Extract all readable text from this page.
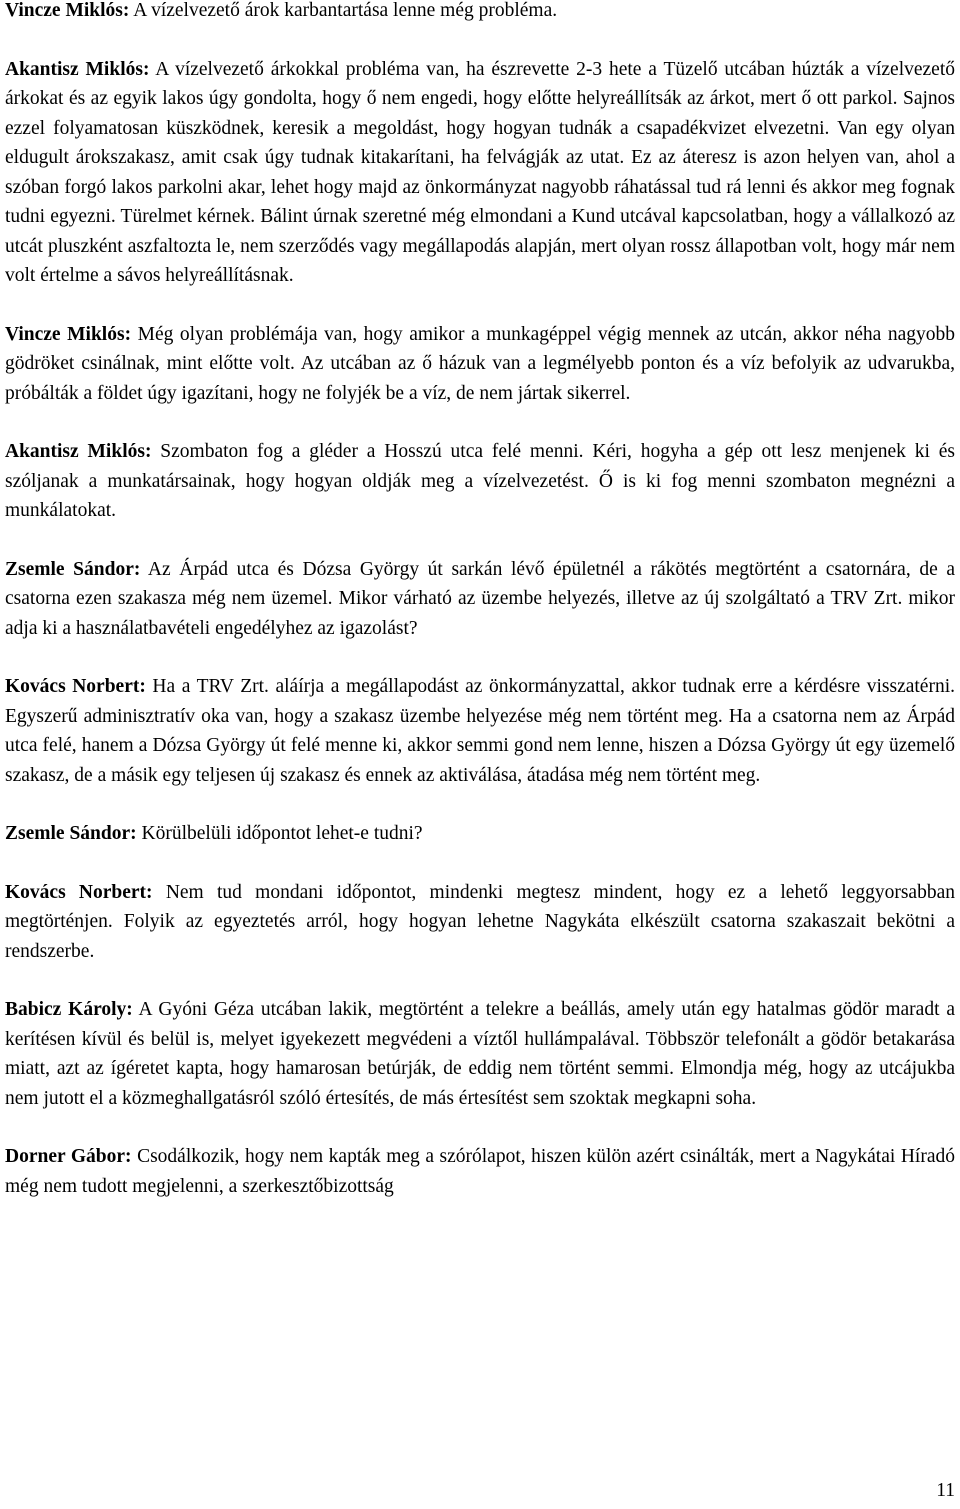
Vincze Miklós: A vízelvezető árok karbantartása lenne még probléma.

Akantisz Miklós: A vízelvezető árkokkal probléma van, ha észrevette 2-3 hete a Tüzelő utcában húzták a vízelvezető árkokat és az egyik lakos úgy gondolta, hogy ő nem engedi, hogy előtte helyreállítsák az árkot, mert ő ott parkol. Sajnos ezzel folyamatosan küszködnek, keresik a megoldást, hogy hogyan tudnák a csapadékvizet elvezetni. Van egy olyan eldugult árokszakasz, amit csak úgy tudnak kitakarítani, ha felvágják az utat. Ez az áteresz is azon helyen van, ahol a szóban forgó lakos parkolni akar, lehet hogy majd az önkormányzat nagyobb ráhatással tud rá lenni és akkor meg fognak tudni egyezni. Türelmet kérnek. Bálint úrnak szeretné még elmondani a Kund utcával kapcsolatban, hogy a vállalkozó az utcát pluszként aszfaltozta le, nem szerződés vagy megállapodás alapján, mert olyan rossz állapotban volt, hogy már nem volt értelme a sávos helyreállításnak.

Vincze Miklós: Még olyan problémája van, hogy amikor a munkagéppel végig mennek az utcán, akkor néha nagyobb gödröket csinálnak, mint előtte volt. Az utcában az ő házuk van a legmélyebb ponton és a víz befolyik az udvarukba, próbálták a földet úgy igazítani, hogy ne folyjék be a víz, de nem jártak sikerrel.

Akantisz Miklós: Szombaton fog a gléder a Hosszú utca felé menni. Kéri, hogyha a gép ott lesz menjenek ki és szóljanak a munkatársainak, hogy hogyan oldják meg a vízelvezetést. Ő is ki fog menni szombaton megnézni a munkálatokat.

Zsemle Sándor: Az Árpád utca és Dózsa György út sarkán lévő épületnél a rákötés megtörtént a csatornára, de a csatorna ezen szakasza még nem üzemel. Mikor várható az üzembe helyezés, illetve az új szolgáltató a TRV Zrt. mikor adja ki a használatbavételi engedélyhez az igazolást?

Kovács Norbert: Ha a TRV Zrt. aláírja a megállapodást az önkormányzattal, akkor tudnak erre a kérdésre visszatérni. Egyszerű adminisztratív oka van, hogy a szakasz üzembe helyezése még nem történt meg. Ha a csatorna nem az Árpád utca felé, hanem a Dózsa György út felé menne ki, akkor semmi gond nem lenne, hiszen a Dózsa György út egy üzemelő szakasz, de a másik egy teljesen új szakasz és ennek az aktiválása, átadása még nem történt meg.

Zsemle Sándor: Körülbelüli időpontot lehet-e tudni?

Kovács Norbert: Nem tud mondani időpontot, mindenki megtesz mindent, hogy ez a lehető leggyorsabban megtörténjen. Folyik az egyeztetés arról, hogy hogyan lehetne Nagykáta elkészült csatorna szakaszait bekötni a rendszerbe.

Babicz Károly: A Gyóni Géza utcában lakik, megtörtént a telekre a beállás, amely után egy hatalmas gödör maradt a kerítésen kívül és belül is, melyet igyekezett megvédeni a víztől hullámpalával. Többször telefonált a gödör betakarása miatt, azt az ígéretet kapta, hogy hamarosan betúrják, de eddig nem történt semmi. Elmondja még, hogy az utcájukba nem jutott el a közmeghallgatásról szóló értesítés, de más értesítést sem szoktak megkapni soha.

Dorner Gábor: Csodálkozik, hogy nem kapták meg a szórólapot, hiszen külön azért csinálták, mert a Nagykátai Híradó még nem tudott megjelenni, a szerkesztőbizottság

11
